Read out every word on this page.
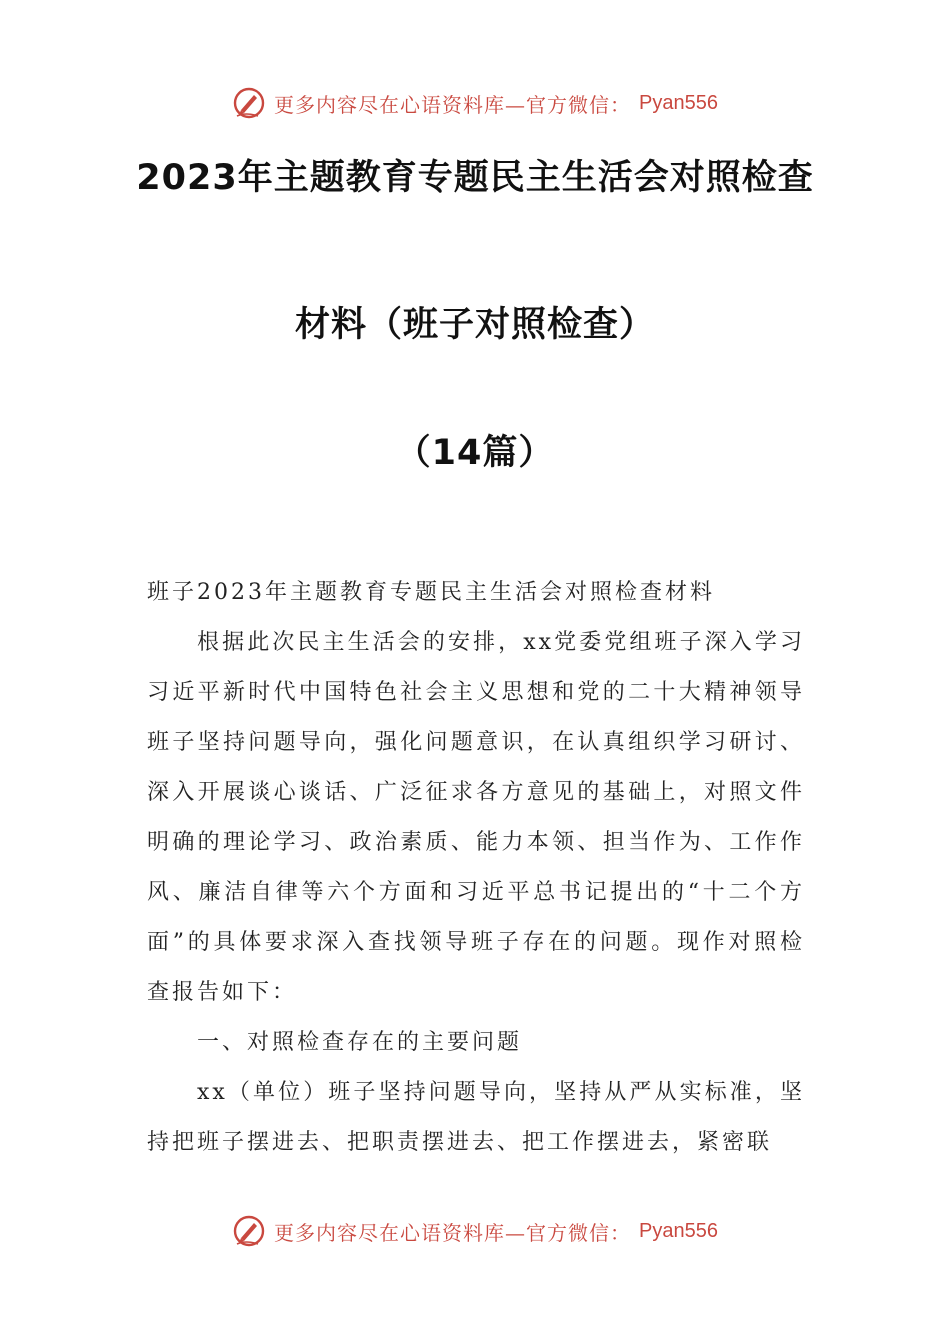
更多内容尽在心语资料库—官方微信： Pyan556
2023年主题教育专题民主生活会对照检查
材料（班子对照检查）
（14篇）

班子2023年主题教育专题民主生活会对照检查材料

根据此次民主生活会的安排，xx党委党组班子深入学习习近平新时代中国特色社会主义思想和党的二十大精神领导班子坚持问题导向，强化问题意识，在认真组织学习研讨、深入开展谈心谈话、广泛征求各方意见的基础上，对照文件明确的理论学习、政治素质、能力本领、担当作为、工作作风、廉洁自律等六个方面和习近平总书记提出的“十二个方面”的具体要求深入查找领导班子存在的问题。现作对照检查报告如下：

一、对照检查存在的主要问题

xx（单位）班子坚持问题导向，坚持从严从实标准，坚持把班子摆进去、把职责摆进去、把工作摆进去，紧密联

更多内容尽在心语资料库—官方微信： Pyan556
